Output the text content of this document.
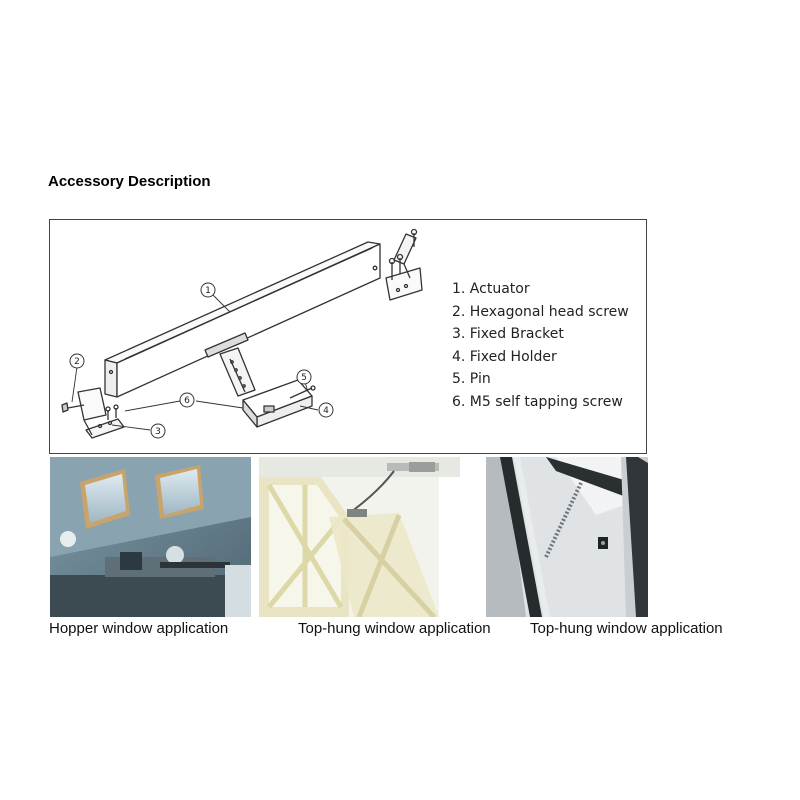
Accessory Description
1
2
3
4
5
6
1. Actuator
2. Hexagonal head screw
3. Fixed Bracket
4. Fixed Holder
5. Pin
6. M5 self tapping screw
Hopper window application	Top-hung window application	Top-hung window application
